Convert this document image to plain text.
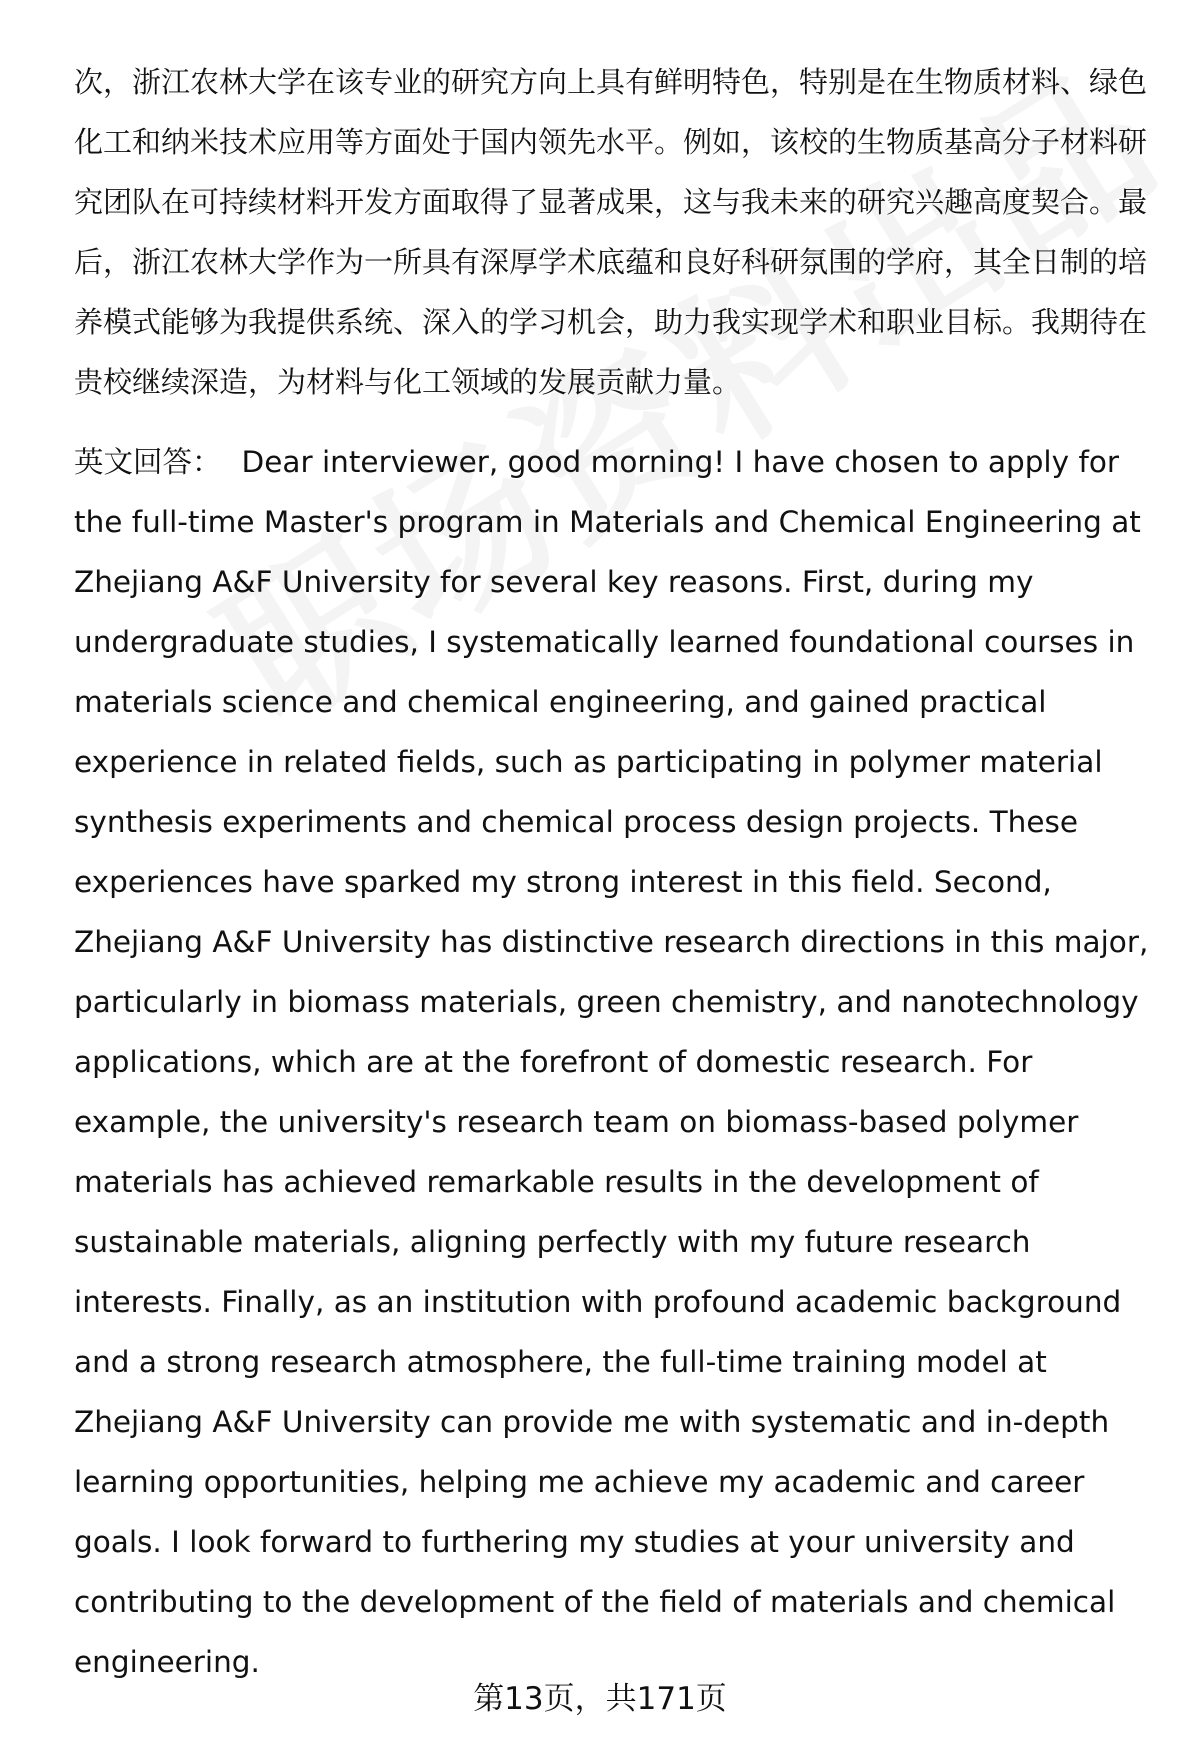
次，浙江农林大学在该专业的研究方向上具有鲜明特色，特别是在生物质材料、绿色化工和纳米技术应用等方面处于国内领先水平。例如，该校的生物质基高分子材料研究团队在可持续材料开发方面取得了显著成果，这与我未来的研究兴趣高度契合。最后，浙江农林大学作为一所具有深厚学术底蕴和良好科研氛围的学府，其全日制的培养模式能够为我提供系统、深入的学习机会，助力我实现学术和职业目标。我期待在贵校继续深造，为材料与化工领域的发展贡献力量。

英文回答： Dear interviewer, good morning! I have chosen to apply for the full-time Master's program in Materials and Chemical Engineering at Zhejiang A&F University for several key reasons. First, during my undergraduate studies, I systematically learned foundational courses in materials science and chemical engineering, and gained practical experience in related fields, such as participating in polymer material synthesis experiments and chemical process design projects. These experiences have sparked my strong interest in this field. Second, Zhejiang A&F University has distinctive research directions in this major, particularly in biomass materials, green chemistry, and nanotechnology applications, which are at the forefront of domestic research. For example, the university's research team on biomass-based polymer materials has achieved remarkable results in the development of sustainable materials, aligning perfectly with my future research interests. Finally, as an institution with profound academic background and a strong research atmosphere, the full-time training model at Zhejiang A&F University can provide me with systematic and in-depth learning opportunities, helping me achieve my academic and career goals. I look forward to furthering my studies at your university and contributing to the development of the field of materials and chemical engineering.

第13页，共171页
